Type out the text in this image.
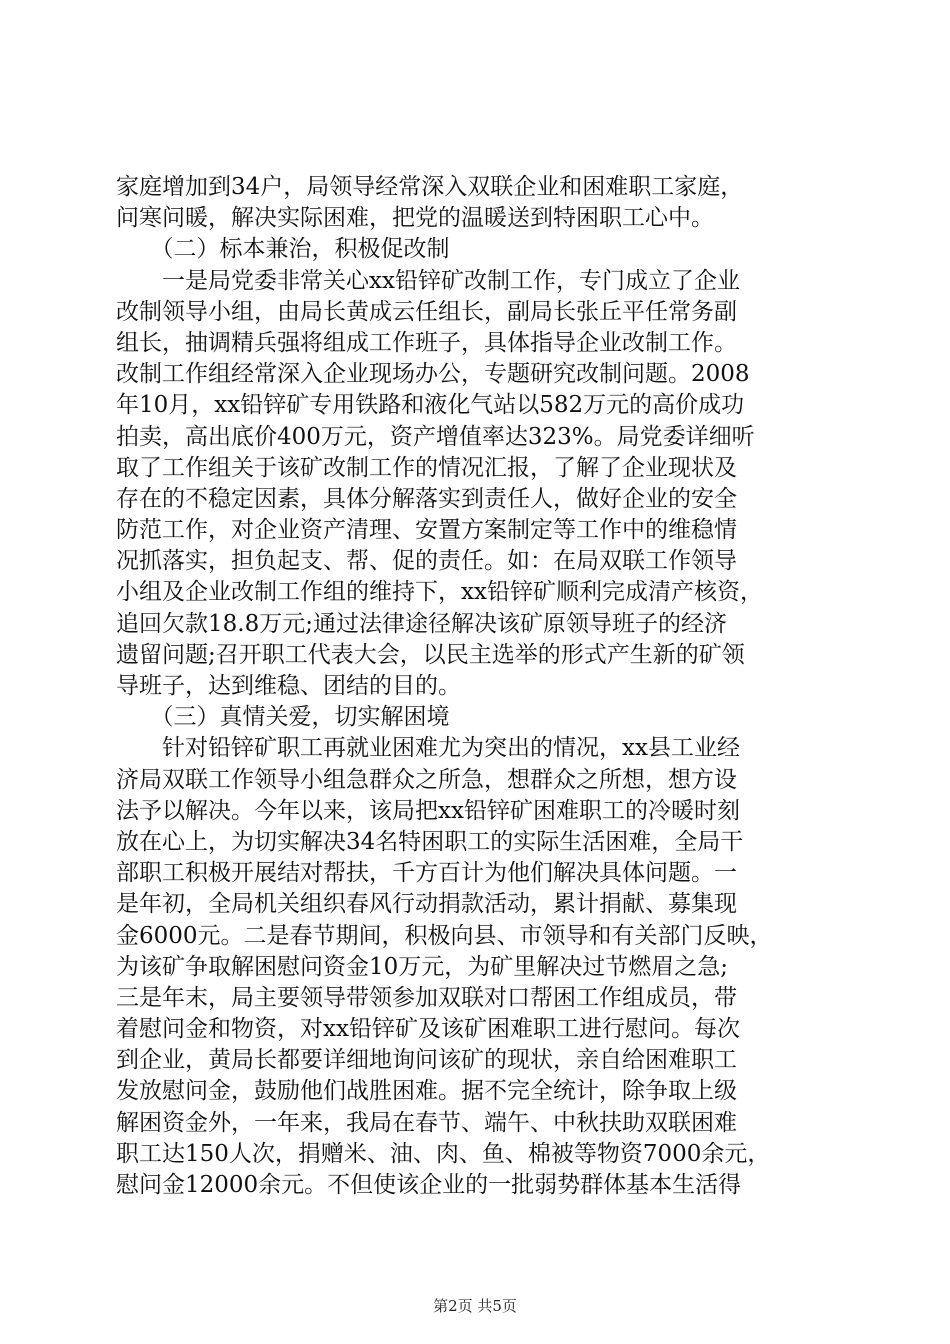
家庭增加到34户，局领导经常深入双联企业和困难职工家庭，
问寒问暖，解决实际困难，把党的温暖送到特困职工心中。
　　（二）标本兼治，积极促改制
　　一是局党委非常关心xx铅锌矿改制工作，专门成立了企业
改制领导小组，由局长黄成云任组长，副局长张丘平任常务副
组长，抽调精兵强将组成工作班子，具体指导企业改制工作。
改制工作组经常深入企业现场办公，专题研究改制问题。2008
年10月，xx铅锌矿专用铁路和液化气站以582万元的高价成功
拍卖，高出底价400万元，资产增值率达323%。局党委详细听
取了工作组关于该矿改制工作的情况汇报，了解了企业现状及
存在的不稳定因素，具体分解落实到责任人，做好企业的安全
防范工作，对企业资产清理、安置方案制定等工作中的维稳情
况抓落实，担负起支、帮、促的责任。如：在局双联工作领导
小组及企业改制工作组的维持下，xx铅锌矿顺利完成清产核资，
追回欠款18.8万元;通过法律途径解决该矿原领导班子的经济
遗留问题;召开职工代表大会，以民主选举的形式产生新的矿领
导班子，达到维稳、团结的目的。
　　（三）真情关爱，切实解困境
　　针对铅锌矿职工再就业困难尤为突出的情况，xx县工业经
济局双联工作领导小组急群众之所急，想群众之所想，想方设
法予以解决。今年以来，该局把xx铅锌矿困难职工的冷暖时刻
放在心上，为切实解决34名特困职工的实际生活困难，全局干
部职工积极开展结对帮扶，千方百计为他们解决具体问题。一
是年初，全局机关组织春风行动捐款活动，累计捐献、募集现
金6000元。二是春节期间，积极向县、市领导和有关部门反映，
为该矿争取解困慰问资金10万元，为矿里解决过节燃眉之急;
三是年末，局主要领导带领参加双联对口帮困工作组成员，带
着慰问金和物资，对xx铅锌矿及该矿困难职工进行慰问。每次
到企业，黄局长都要详细地询问该矿的现状，亲自给困难职工
发放慰问金，鼓励他们战胜困难。据不完全统计，除争取上级
解困资金外，一年来，我局在春节、端午、中秋扶助双联困难
职工达150人次，捐赠米、油、肉、鱼、棉被等物资7000余元，
慰问金12000余元。不但使该企业的一批弱势群体基本生活得
第2页 共5页
